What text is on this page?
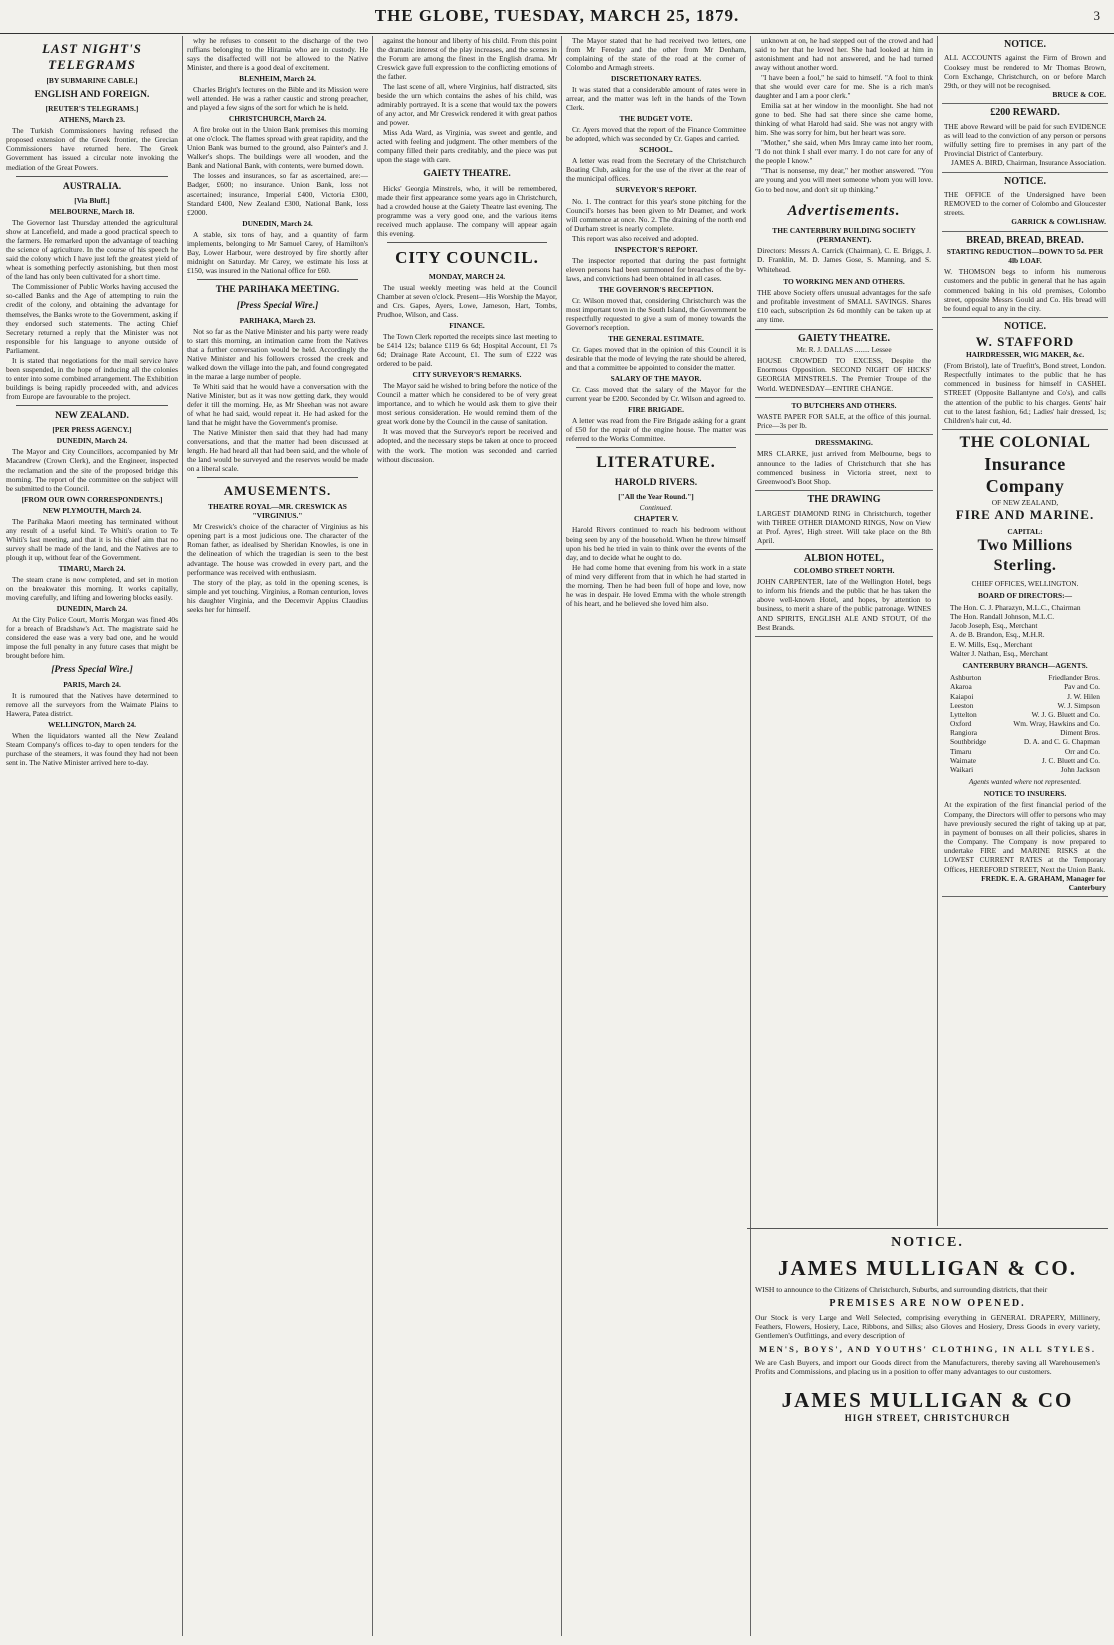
THE GLOBE, TUESDAY, MARCH 25, 1879.	3
LAST NIGHT'S TELEGRAMS
[BY SUBMARINE CABLE.]
ENGLISH AND FOREIGN.
[REUTER'S TELEGRAMS.]
ATHENS, March 23.

The Turkish Commissioners having refused the proposed extension of the Greek frontier, the Grecian Commissioners have returned here. The Greek Government has issued a circular note invoking the mediation of the Great Powers.

AUSTRALIA.
[Via Bluff.]
MELBOURNE, March 18.

The Governor last Thursday attended the agricultural show at Lancefield, and made a good practical speech to the farmers. He remarked upon the advantage of teaching the science of agriculture. In the course of his speech he said the colony which I have just left the greatest yield of wheat is something perfectly astonishing, but then most of the land has only been cultivated for a short time.

The Commissioner of Public Works having accused the so-called Banks and the Age of attempting to ruin the credit of the colony, and obtaining the advantage for themselves, the Banks wrote to the Government, asking if they endorsed such statements. The acting Chief Secretary returned a reply that the Minister was not responsible for his language to anyone outside of Parliament.

It is stated that negotiations for the mail service have been suspended, in the hope of inducing all the colonies to enter into some combined arrangement. The Exhibition buildings is being rapidly proceeded with, and advices from Europe are favourable to the project.

NEW ZEALAND.
[PER PRESS AGENCY.]
DUNEDIN, March 24.

The Mayor and City Councillors, accompanied by Mr Macandrew (Crown Clerk), and the Engineer, inspected the reclamation and the site of the proposed bridge this morning. The report of the committee on the subject will be submitted to the Council.

[FROM OUR OWN CORRESPONDENTS.]
NEW PLYMOUTH, March 24.

The Parihaka Maori meeting has terminated without any result of a useful kind. Te Whiti's oration to Te Whiti's last meeting, and that it is his chief aim that no survey shall be made of the land, and the Natives are to plough it up, without fear of the Government.

TIMARU, March 24.

The steam crane is now completed, and set in motion on the breakwater this morning. It works capitally, moving carefully, and lifting and lowering blocks easily.

DUNEDIN, March 24.

At the City Police Court, Morris Morgan was fined 40s for a breach of Bradshaw's Act. The magistrate said he considered the ease was a very bad one, and he would impose the full penalty in any future cases that might be brought before him.

[Press Special Wire.]
PARIS, March 24.

It is rumoured that the Natives have determined to remove all the surveyors from the Waimate Plains to Hawera, Patea district.

WELLINGTON, March 24.

When the liquidators wanted all the New Zealand Steam Company's offices to-day to open tenders for the purchase of the steamers, it was found they had not been sent in. The Native Minister arrived here to-day.

why he refuses to consent to the discharge of the two ruffians belonging to the Hiramia who are in custody. He says the disaffected will not be allowed to the Native Minister, and there is a good deal of excitement.

BLENHEIM, March 24.

Charles Bright's lectures on the Bible and its Mission were well attended. He was a rather caustic and strong preacher, and played a few signs of the sort for which he is held.

CHRISTCHURCH, March 24.

A fire broke out in the Union Bank premises this morning at one o'clock. The flames spread with great rapidity, and the Union Bank was burned to the ground, also Painter's and J. Walker's shops. The buildings were all wooden, and the Bank and National Bank, with contents, were burned down.

The losses and insurances, so far as ascertained, are:—Badger, £600; no insurance. Union Bank, loss not ascertained; insurance, Imperial £400, Victoria £300, Standard £400, New Zealand £300, National Bank, loss £2000.

DUNEDIN, March 24.

A stable, six tons of hay, and a quantity of farm implements, belonging to Mr Samuel Carey, of Hamilton's Bay, Lower Harbour, were destroyed by fire shortly after midnight on Saturday. Mr Carey, we estimate his loss at £150, was insured in the National office for £60.

THE PARIHAKA MEETING.
[Press Special Wire.]
PARIHAKA, March 23.

Not so far as the Native Minister and his party were ready to start this morning, an intimation came from the Natives that a further conversation would be held. Accordingly the Native Minister and his followers crossed the creek and walked down the village into the pah, and found congregated in the marae a large number of people.

Te Whiti said that he would have a conversation with the Native Minister, but as it was now getting dark, they would defer it till the morning. He, as Mr Sheehan was not aware of what he had said, would repeat it. He had asked for the land that he might have the Government's promise.

The Native Minister then said that they had had many conversations, and that the matter had been discussed at length. He had heard all that had been said, and the whole of the land would be surveyed and the reserves would be made on a liberal scale.

AMUSEMENTS.
THEATRE ROYAL—MR. CRESWICK AS "VIRGINIUS."

Mr Creswick's choice of the character of Virginius as his opening part is a most judicious one. The character of the Roman father, as idealised by Sheridan Knowles, is one in the delineation of which the tragedian is seen to the best advantage. The house was crowded in every part, and the performance was received with enthusiasm.

The story of the play, as told in the opening scenes, is simple and yet touching. Virginius, a Roman centurion, loves his daughter Virginia, and the Decemvir Appius Claudius seeks her for himself.

against the honour and liberty of his child. From this point the dramatic interest of the play increases, and the scenes in the Forum are among the finest in the English drama. Mr Creswick gave full expression to the conflicting emotions of the father.

The last scene of all, where Virginius, half distracted, sits beside the urn which contains the ashes of his child, was admirably portrayed. It is a scene that would tax the powers of any actor, and Mr Creswick rendered it with great pathos and power.

Miss Ada Ward, as Virginia, was sweet and gentle, and acted with feeling and judgment. The other members of the company filled their parts creditably, and the piece was put upon the stage with care.

GAIETY THEATRE.

Hicks' Georgia Minstrels, who, it will be remembered, made their first appearance some years ago in Christchurch, had a crowded house at the Gaiety Theatre last evening. The programme was a very good one, and the various items received much applause. The company will appear again this evening.

CITY COUNCIL.
MONDAY, MARCH 24.

The usual weekly meeting was held at the Council Chamber at seven o'clock. Present—His Worship the Mayor, and Crs. Gapes, Ayers, Lowe, Jameson, Hart, Tombs, Prudhoe, Wilson, and Cass.

FINANCE.

The Town Clerk reported the receipts since last meeting to be £414 12s; balance £119 6s 6d; Hospital Account, £1 7s 6d; Drainage Rate Account, £1. The sum of £222 was ordered to be paid.

CITY SURVEYOR'S REMARKS.

The Mayor said he wished to bring before the notice of the Council a matter which he considered to be of very great importance, and to which he would ask them to give their most serious consideration. He would remind them of the great work done by the Council in the cause of sanitation.

It was moved that the Surveyor's report be received and adopted, and the necessary steps be taken at once to proceed with the work. The motion was seconded and carried without discussion.

The Mayor stated that he had received two letters, one from Mr Fereday and the other from Mr Denham, complaining of the state of the road at the corner of Colombo and Armagh streets.

DISCRETIONARY RATES.

It was stated that a considerable amount of rates were in arrear, and the matter was left in the hands of the Town Clerk.

THE BUDGET VOTE.

Cr. Ayers moved that the report of the Finance Committee be adopted, which was seconded by Cr. Gapes and carried.

SCHOOL.

A letter was read from the Secretary of the Christchurch Boating Club, asking for the use of the river at the rear of the municipal offices.

SURVEYOR'S REPORT.

No. 1. The contract for this year's stone pitching for the Council's horses has been given to Mr Deamer, and work will commence at once. No. 2. The draining of the north end of Durham street is nearly complete.

This report was also received and adopted.

INSPECTOR'S REPORT.

The inspector reported that during the past fortnight eleven persons had been summoned for breaches of the by-laws, and convictions had been obtained in all cases.

THE GOVERNOR'S RECEPTION.

Cr. Wilson moved that, considering Christchurch was the most important town in the South Island, the Government be respectfully requested to give a sum of money towards the Governor's reception.

THE GENERAL ESTIMATE.

Cr. Gapes moved that in the opinion of this Council it is desirable that the mode of levying the rate should be altered, and that a committee be appointed to consider the matter.

SALARY OF THE MAYOR.

Cr. Cass moved that the salary of the Mayor for the current year be £200. Seconded by Cr. Wilson and agreed to.

FIRE BRIGADE.

A letter was read from the Fire Brigade asking for a grant of £50 for the repair of the engine house. The matter was referred to the Works Committee.

LITERATURE.
HAROLD RIVERS.
["All the Year Round."]
Continued.
CHAPTER V.

Harold Rivers continued to reach his bedroom without being seen by any of the household. When he threw himself upon his bed he tried in vain to think over the events of the day, and to decide what he ought to do.

He had come home that evening from his work in a state of mind very different from that in which he had started in the morning. Then he had been full of hope and love, now he was in despair. He loved Emma with the whole strength of his heart, and he believed she loved him also.

unknown at on, he had stepped out of the crowd and had said to her that he loved her. She had looked at him in astonishment and had not answered, and he had turned away without another word.

"I have been a fool," he said to himself. "A fool to think that she would ever care for me. She is a rich man's daughter and I am a poor clerk."

Emilia sat at her window in the moonlight. She had not gone to bed. She had sat there since she came home, thinking of what Harold had said. She was not angry with him. She was sorry for him, but her heart was sore.

"Mother," she said, when Mrs Imray came into her room, "I do not think I shall ever marry. I do not care for any of the people I know."

"That is nonsense, my dear," her mother answered. "You are young and you will meet someone whom you will love. Go to bed now, and don't sit up thinking."

Advertisements.
THE CANTERBURY BUILDING SOCIETY (PERMANENT).
Directors: Messrs A. Carrick (Chairman), C. E. Briggs, J. D. Franklin, M. D. James Gose, S. Manning, and S. Whitehead.
TO WORKING MEN AND OTHERS.
THE above Society offers unusual advantages for the safe and profitable investment of SMALL SAVINGS. Shares £10 each, subscription 2s 6d monthly can be taken up at any time.
GAIETY THEATRE.
Mr. R. J. DALLAS ........ Lessee
HOUSE CROWDED TO EXCESS, Despite the Enormous Opposition. SECOND NIGHT OF HICKS' GEORGIA MINSTRELS. The Premier Troupe of the World. WEDNESDAY—ENTIRE CHANGE.
TO BUTCHERS AND OTHERS.
WASTE PAPER FOR SALE, at the office of this journal. Price—3s per lb.
DRESSMAKING.
MRS CLARKE, just arrived from Melbourne, begs to announce to the ladies of Christchurch that she has commenced business in Victoria street, next to Greenwood's Boot Shop.
THE DRAWING
LARGEST DIAMOND RING in Christchurch, together with THREE OTHER DIAMOND RINGS, Now on View at Prof. Ayres', High street. Will take place on the 8th April.
ALBION HOTEL,
COLOMBO STREET NORTH.
JOHN CARPENTER, late of the Wellington Hotel, begs to inform his friends and the public that he has taken the above well-known Hotel, and hopes, by attention to business, to merit a share of the public patronage. WINES AND SPIRITS, ENGLISH ALE AND STOUT, Of the Best Brands.
NOTICE.
ALL ACCOUNTS against the Firm of Brown and Cooksey must be rendered to Mr Thomas Brown, Corn Exchange, Christchurch, on or before March 29th, or they will not be recognised.
BRUCE & COE.
£200 REWARD.
THE above Reward will be paid for such EVIDENCE as will lead to the conviction of any person or persons wilfully setting fire to premises in any part of the Provincial District of Canterbury.
JAMES A. BIRD, Chairman, Insurance Association.
NOTICE.
THE OFFICE of the Undersigned have been REMOVED to the corner of Colombo and Gloucester streets.
GARRICK & COWLISHAW.
BREAD, BREAD, BREAD.
STARTING REDUCTION—DOWN TO 5d. PER 4lb LOAF.
W. THOMSON begs to inform his numerous customers and the public in general that he has again commenced baking in his old premises, Colombo street, opposite Messrs Gould and Co. His bread will be found equal to any in the city.
NOTICE.
W. STAFFORD
HAIRDRESSER, WIG MAKER, &c.
(From Bristol), late of Truefitt's, Bond street, London. Respectfully intimates to the public that he has commenced in business for himself in CASHEL STREET (Opposite Ballantyne and Co's), and calls the attention of the public to his charges. Gents' hair cut to the latest fashion, 6d.; Ladies' hair dressed, 1s; Children's hair cut, 4d.
THE COLONIAL
Insurance Company
OF NEW ZEALAND,
FIRE AND MARINE.
CAPITAL:
Two Millions Sterling.
CHIEF OFFICES, WELLINGTON.
BOARD OF DIRECTORS:—
The Hon. C. J. Pharazyn, M.L.C., Chairman
The Hon. Randall Johnson, M.L.C.
Jacob Joseph, Esq., Merchant
A. de B. Brandon, Esq., M.H.R.
E. W. Mills, Esq., Merchant
Walter J. Nathan, Esq., Merchant
CANTERBURY BRANCH—AGENTS.
Ashburton	Friedlander Bros.
Akaroa	Pav and Co.
Kaiapoi	J. W. Hilen
Leeston	W. J. Simpson
Lyttelton	W. J. G. Bluett and Co.
Oxford	Wm. Wray, Hawkins and Co.
Rangiora	Diment Bros.
Southbridge	D. A. and C. G. Chapman
Timaru	Orr and Co.
Waimate	J. C. Bluett and Co.
Waikari	John Jackson
Agents wanted where not represented.
NOTICE TO INSURERS.
At the expiration of the first financial period of the Company, the Directors will offer to persons who may have previously secured the right of taking up at par, in payment of bonuses on all their policies, shares in the Company. The Company is now prepared to undertake FIRE and MARINE RISKS at the LOWEST CURRENT RATES at the Temporary Offices, HEREFORD STREET, Next the Union Bank.
FREDK. E. A. GRAHAM, Manager for Canterbury
NOTICE.
JAMES MULLIGAN & CO.
WISH to announce to the Citizens of Christchurch, Suburbs, and surrounding districts, that their
PREMISES ARE NOW OPENED.
Our Stock is very Large and Well Selected, comprising everything in GENERAL DRAPERY, Millinery, Feathers, Flowers, Hosiery, Lace, Ribbons, and Silks; also Gloves and Hosiery, Dress Goods in every variety, Gentlemen's Outfittings, and every description of
MEN'S, BOYS', AND YOUTHS' CLOTHING, IN ALL STYLES.
We are Cash Buyers, and import our Goods direct from the Manufacturers, thereby saving all Warehousemen's Profits and Commissions, and placing us in a position to offer many advantages to our customers.
JAMES MULLIGAN & CO
HIGH STREET, CHRISTCHURCH
